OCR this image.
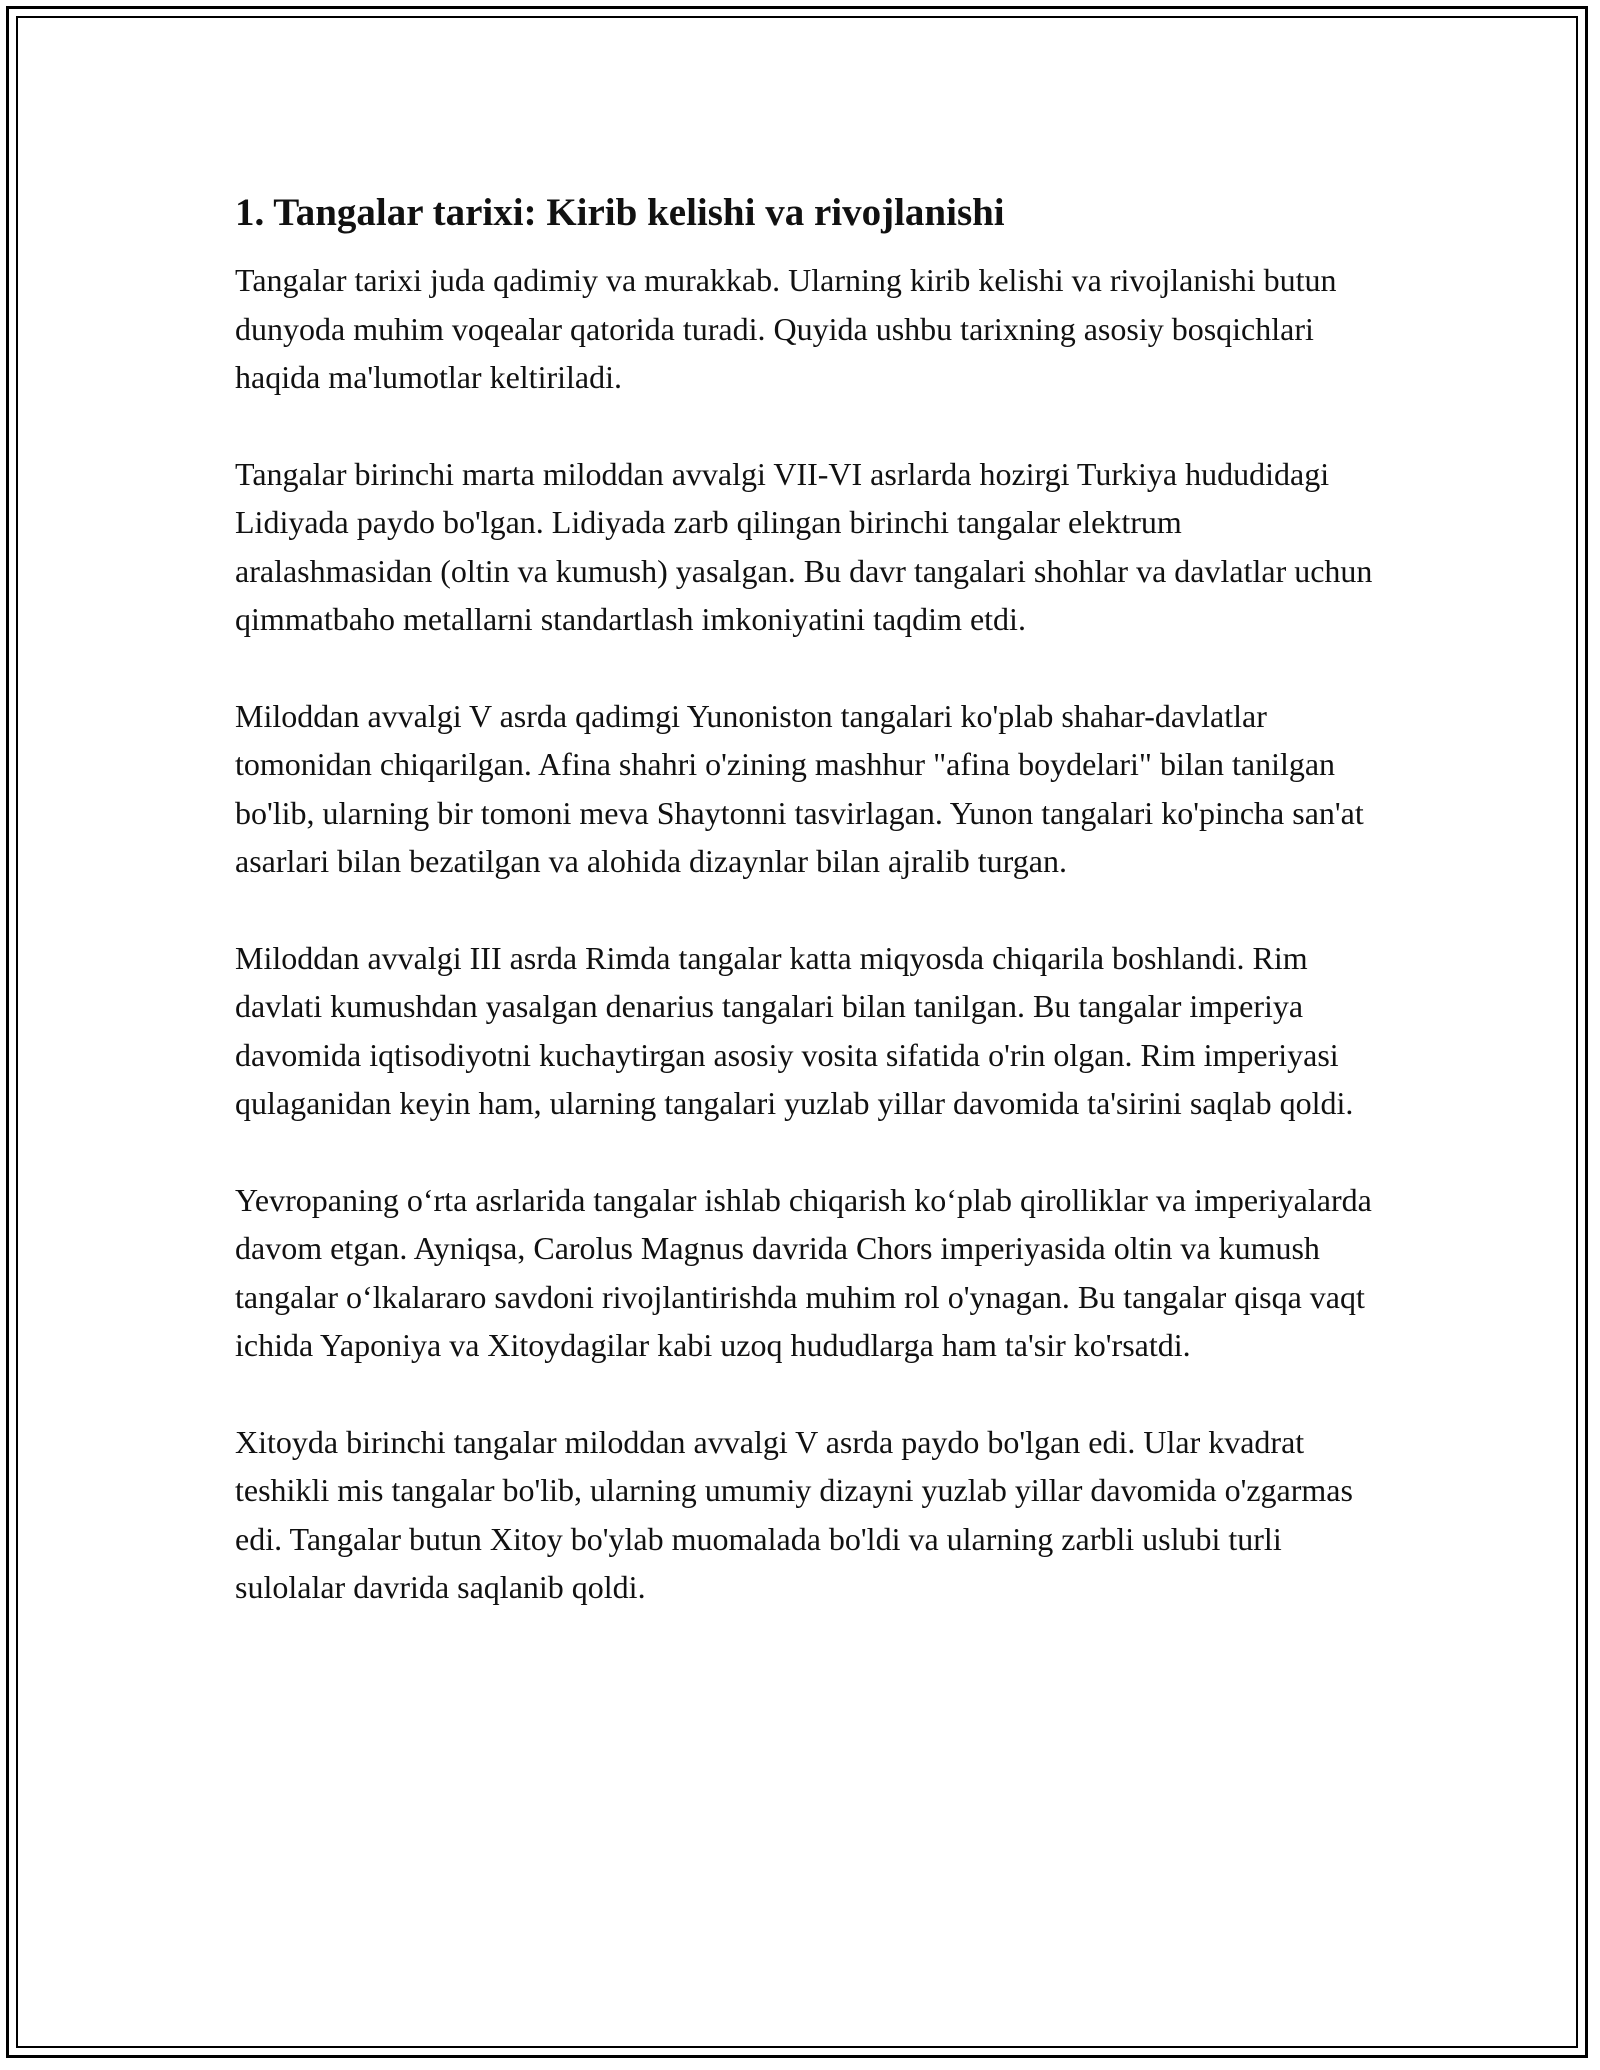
1. Tangalar tarixi: Kirib kelishi va rivojlanishi

Tangalar tarixi juda qadimiy va murakkab. Ularning kirib kelishi va rivojlanishi butun dunyoda muhim voqealar qatorida turadi. Quyida ushbu tarixning asosiy bosqichlari haqida ma'lumotlar keltiriladi.

Tangalar birinchi marta miloddan avvalgi VII-VI asrlarda hozirgi Turkiya hududidagi Lidiyada paydo bo'lgan. Lidiyada zarb qilingan birinchi tangalar elektrum aralashmasidan (oltin va kumush) yasalgan. Bu davr tangalari shohlar va davlatlar uchun qimmatbaho metallarni standartlash imkoniyatini taqdim etdi.

Miloddan avvalgi V asrda qadimgi Yunoniston tangalari ko'plab shahar-davlatlar tomonidan chiqarilgan. Afina shahri o'zining mashhur "afina boydelari" bilan tanilgan bo'lib, ularning bir tomoni meva Shaytonni tasvirlagan. Yunon tangalari ko'pincha san'at asarlari bilan bezatilgan va alohida dizaynlar bilan ajralib turgan.

Miloddan avvalgi III asrda Rimda tangalar katta miqyosda chiqarila boshlandi. Rim davlati kumushdan yasalgan denarius tangalari bilan tanilgan. Bu tangalar imperiya davomida iqtisodiyotni kuchaytirgan asosiy vosita sifatida o'rin olgan. Rim imperiyasi qulaganidan keyin ham, ularning tangalari yuzlab yillar davomida ta'sirini saqlab qoldi.

Yevropaning o‘rta asrlarida tangalar ishlab chiqarish ko‘plab qirolliklar va imperiyalarda davom etgan. Ayniqsa, Carolus Magnus davrida Chors imperiyasida oltin va kumush tangalar o‘lkalararo savdoni rivojlantirishda muhim rol o'ynagan. Bu tangalar qisqa vaqt ichida Yaponiya va Xitoydagilar kabi uzoq hududlarga ham ta'sir ko'rsatdi.

Xitoyda birinchi tangalar miloddan avvalgi V asrda paydo bo'lgan edi. Ular kvadrat teshikli mis tangalar bo'lib, ularning umumiy dizayni yuzlab yillar davomida o'zgarmas edi. Tangalar butun Xitoy bo'ylab muomalada bo'ldi va ularning zarbli uslubi turli sulolalar davrida saqlanib qoldi.
